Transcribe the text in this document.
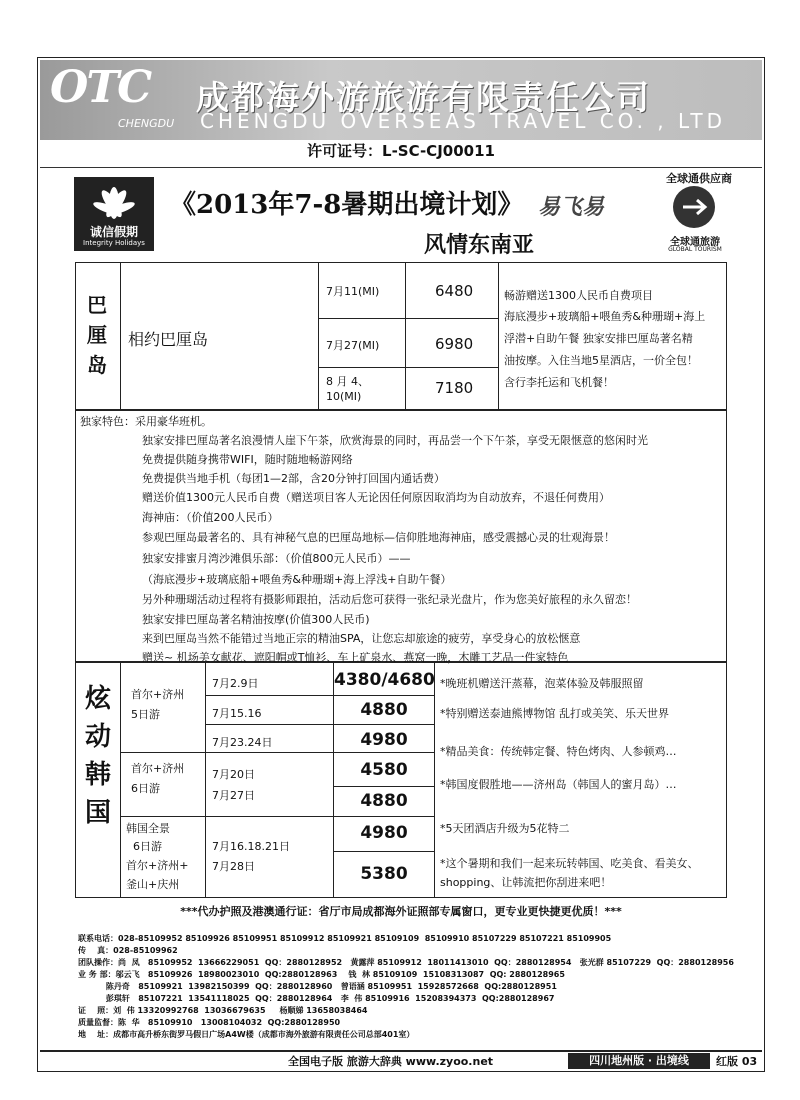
OTC
CHENGDU
成都海外游旅游有限责任公司
CHENGDU OVERSEAS TRAVEL CO. , LTD
许可证号：L-SC-CJ00011
诚信假期
Integrity Holidays
《2013年7-8暑期出境计划》 易飞易
风情东南亚
全球通供应商
全球通旅游
GLOBAL TOURISM
巴
厘
岛
相约巴厘岛
7月11(MI)
7月27(MI)
8 月 4、
10(MI)
6480
6980
7180
畅游赠送1300人民币自费项目
海底漫步+玻璃船+喂鱼秀&种珊瑚+海上
浮潜+自助午餐 独家安排巴厘岛著名精
油按摩。入住当地5星酒店，一价全包！
含行李托运和飞机餐！
独家特色：采用豪华班机。
独家安排巴厘岛著名浪漫情人崖下午茶，欣赏海景的同时，再品尝一个下午茶，享受无限惬意的悠闲时光
免费提供随身携带WIFI，随时随地畅游网络
免费提供当地手机（每团1—2部，含20分钟打回国内通话费）
赠送价值1300元人民币自费（赠送项目客人无论因任何原因取消均为自动放弃，不退任何费用）
海神庙：（价值200人民币）
参观巴厘岛最著名的、具有神秘气息的巴厘岛地标—信仰胜地海神庙，感受震撼心灵的壮观海景！
独家安排蜜月湾沙滩俱乐部：（价值800元人民币）——
（海底漫步+玻璃底船+喂鱼秀&种珊瑚+海上浮浅+自助午餐）
另外种珊瑚活动过程将有摄影师跟拍，活动后您可获得一张纪录光盘片，作为您美好旅程的永久留恋！
独家安排巴厘岛著名精油按摩(价值300人民币)
来到巴厘岛当然不能错过当地正宗的精油SPA，让您忘却旅途的疲劳，享受身心的放松惬意
赠送~ 机场美女献花、遮阳帽或T恤衫、车上矿泉水、燕窝一晚，木雕工艺品一件家特色
炫
动
韩
国
首尔+济州
5日游
首尔+济州
6日游
韩国全景
6日游
首尔+济州+
釜山+庆州
7月2.9日
7月15.16
7月23.24日
7月20日
7月27日
7月16.18.21日
7月28日
4380/4680
4880
4980
4580
4880
4980
5380
*晚班机赠送汗蒸幕，泡菜体验及韩服照留
*特别赠送泰迪熊博物馆 乱打或美笑、乐天世界
*精品美食：传统韩定餐、特色烤肉、人参顿鸡…
*韩国度假胜地——济州岛（韩国人的蜜月岛）…
*5天团酒店升级为5花特二
*这个暑期和我们一起来玩转韩国、吃美食、看美女、
shopping、让韩流把你刮进来吧！
***代办护照及港澳通行证：省厅市局成都海外证照部专属窗口，更专业更快捷更优质！***
联系电话：028-85109952 85109926 85109951 85109912 85109921 85109109  85109910 85107229 85107221 85109905
传    真：028-85109962
团队操作：尚  凤   85109952  13666229051  QQ：2880128952   黄露萍 85109912  18011413010  QQ：2880128954   张光群 85107229  QQ：2880128956
业 务 部：邬云飞   85109926  18980023010  QQ:2880128963    钱  林 85109109  15108313087  QQ: 2880128965
陈丹奇   85109921  13982150399  QQ：2880128960   曾语涵 85109951  15928572668  QQ:2880128951
彭琪轩   85107221  13541118025  QQ：2880128964   李  伟 85109916  15208394373  QQ:2880128967
证    照：刘  伟 13320992768  13036679635     杨顺娣 13658038464
质量监督：陈  华   85109910   13008104032  QQ:2880128950
地    址：成都市高升桥东街罗马假日广场A4W楼（成都市海外旅游有限责任公司总部401室）
全国电子版 旅游大辞典 www.zyoo.net	四川地州版 · 出境线	红版 03
